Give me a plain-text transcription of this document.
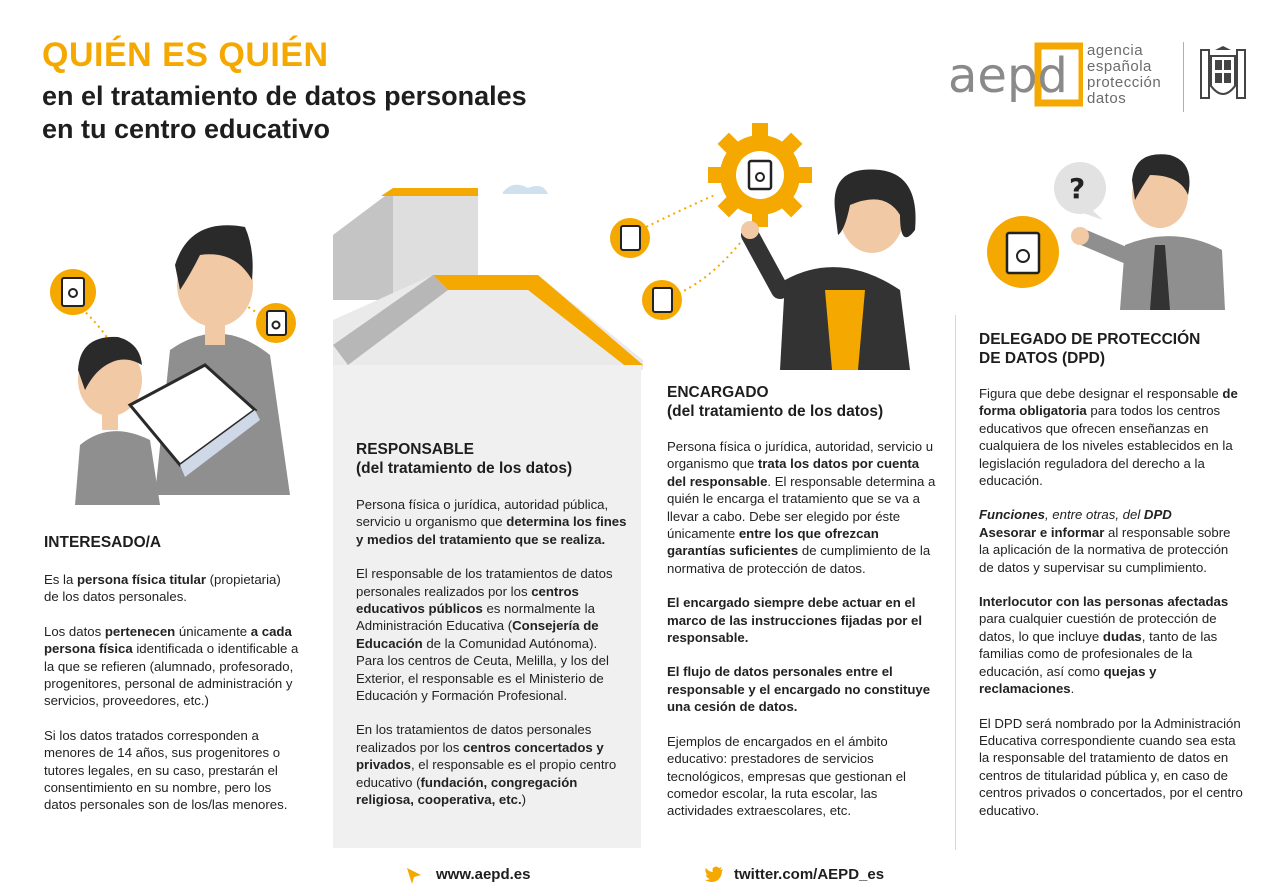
QUIÉN ES QUIÉN
en el tratamiento de datos personales
en tu centro educativo
aepd agencia
española
protección
datos
?
INTERESADO/A

Es la persona física titular (propietaria) de los datos personales.

Los datos pertenecen únicamente a cada persona física identificada o identificable a la que se refieren (alumnado, profesorado, progenitores, personal de administración y servicios, proveedores, etc.)

Si los datos tratados corresponden a menores de 14 años, sus progenitores o tutores legales, en su caso, prestarán el consentimiento en su nombre, pero los datos personales son de los/las menores.

RESPONSABLE
(del tratamiento de los datos)

Persona física o jurídica, autoridad pública, servicio u organismo que determina los fines y medios del tratamiento que se realiza.

El responsable de los tratamientos de datos personales realizados por los centros educativos públicos es normalmente la Administración Educativa (Consejería de Educación de la Comunidad Autónoma). Para los centros de Ceuta, Melilla, y los del Exterior, el responsable es el Ministerio de Educación y Formación Profesional.

En los tratamientos de datos personales realizados por los centros concertados y privados, el responsable es el propio centro educativo (fundación, congregación religiosa, cooperativa, etc.)

ENCARGADO
(del tratamiento de los datos)

Persona física o jurídica, autoridad, servicio u organismo que trata los datos por cuenta del responsable. El responsable determina a quién le encarga el tratamiento que se va a llevar a cabo. Debe ser elegido por éste únicamente entre los que ofrezcan garantías suficientes de cumplimiento de la normativa de protección de datos.

El encargado siempre debe actuar en el marco de las instrucciones fijadas por el responsable.

El flujo de datos personales entre el responsable y el encargado no constituye una cesión de datos.

Ejemplos de encargados en el ámbito educativo: prestadores de servicios tecnológicos, empresas que gestionan el comedor escolar, la ruta escolar, las actividades extraescolares, etc.

DELEGADO DE PROTECCIÓN
DE DATOS (DPD)

Figura que debe designar el responsable de forma obligatoria para todos los centros educativos que ofrecen enseñanzas en cualquiera de los niveles establecidos en la legislación reguladora del derecho a la educación.

Funciones, entre otras, del DPD
Asesorar e informar al responsable sobre la aplicación de la normativa de protección de datos y supervisar su cumplimiento.

Interlocutor con las personas afectadas para cualquier cuestión de protección de datos, lo que incluye dudas, tanto de las familias como de profesionales de la educación, así como quejas y reclamaciones.

El DPD será nombrado por la Administración Educativa correspondiente cuando sea esta la responsable del tratamiento de datos en centros de titularidad pública y, en caso de centros privados o concertados, por el centro educativo.

www.aepd.es	twitter.com/AEPD_es
